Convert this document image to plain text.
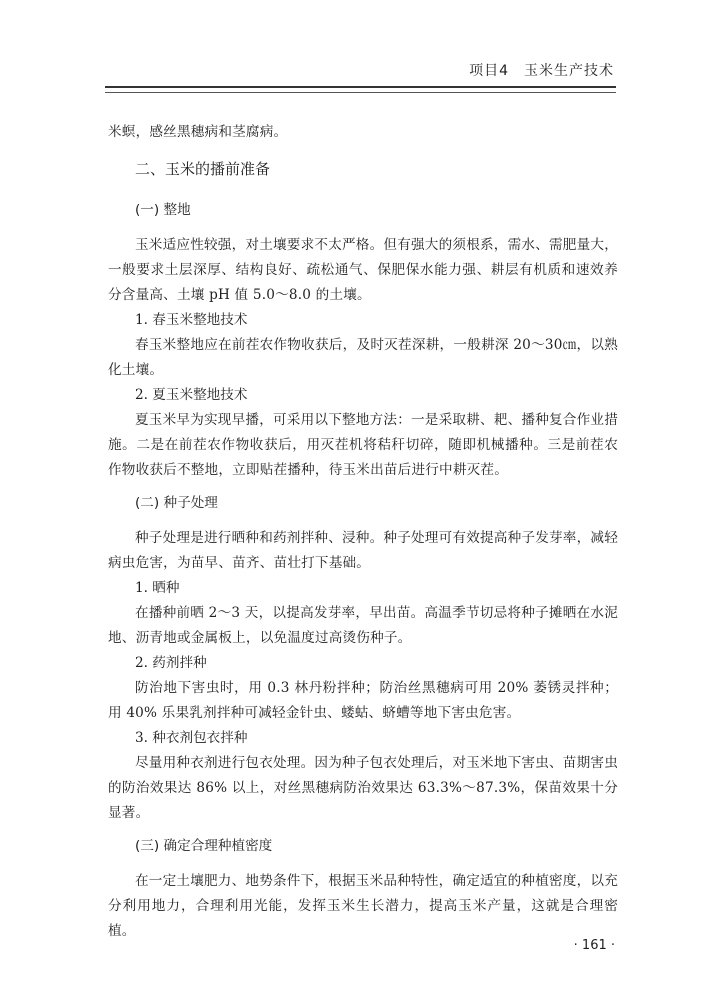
项目4　玉米生产技术

米螟，感丝黑穗病和茎腐病。

二、玉米的播前准备
(一) 整地

玉米适应性较强，对土壤要求不太严格。但有强大的须根系，需水、需肥量大，一般要求土层深厚、结构良好、疏松通气、保肥保水能力强、耕层有机质和速效养分含量高、土壤 pH 值 5.0～8.0 的土壤。

1. 春玉米整地技术

春玉米整地应在前茬农作物收获后，及时灭茬深耕，一般耕深 20～30㎝，以熟化土壤。

2. 夏玉米整地技术

夏玉米早为实现早播，可采用以下整地方法：一是采取耕、耙、播种复合作业措施。二是在前茬农作物收获后，用灭茬机将秸秆切碎，随即机械播种。三是前茬农作物收获后不整地，立即贴茬播种，待玉米出苗后进行中耕灭茬。

(二) 种子处理

种子处理是进行晒种和药剂拌种、浸种。种子处理可有效提高种子发芽率，减轻病虫危害，为苗早、苗齐、苗壮打下基础。

1. 晒种

在播种前晒 2～3 天，以提高发芽率，早出苗。高温季节切忌将种子摊晒在水泥地、沥青地或金属板上，以免温度过高烫伤种子。

2. 药剂拌种

防治地下害虫时，用 0.3 林丹粉拌种；防治丝黑穗病可用 20% 萎锈灵拌种；用 40% 乐果乳剂拌种可减轻金针虫、蝼蛄、蛴螬等地下害虫危害。

3. 种衣剂包衣拌种

尽量用种衣剂进行包衣处理。因为种子包衣处理后，对玉米地下害虫、苗期害虫的防治效果达 86% 以上，对丝黑穗病防治效果达 63.3%～87.3%，保苗效果十分显著。

(三) 确定合理种植密度

在一定土壤肥力、地势条件下，根据玉米品种特性，确定适宜的种植密度，以充分利用地力，合理利用光能，发挥玉米生长潜力，提高玉米产量，这就是合理密植。

· 161 ·
